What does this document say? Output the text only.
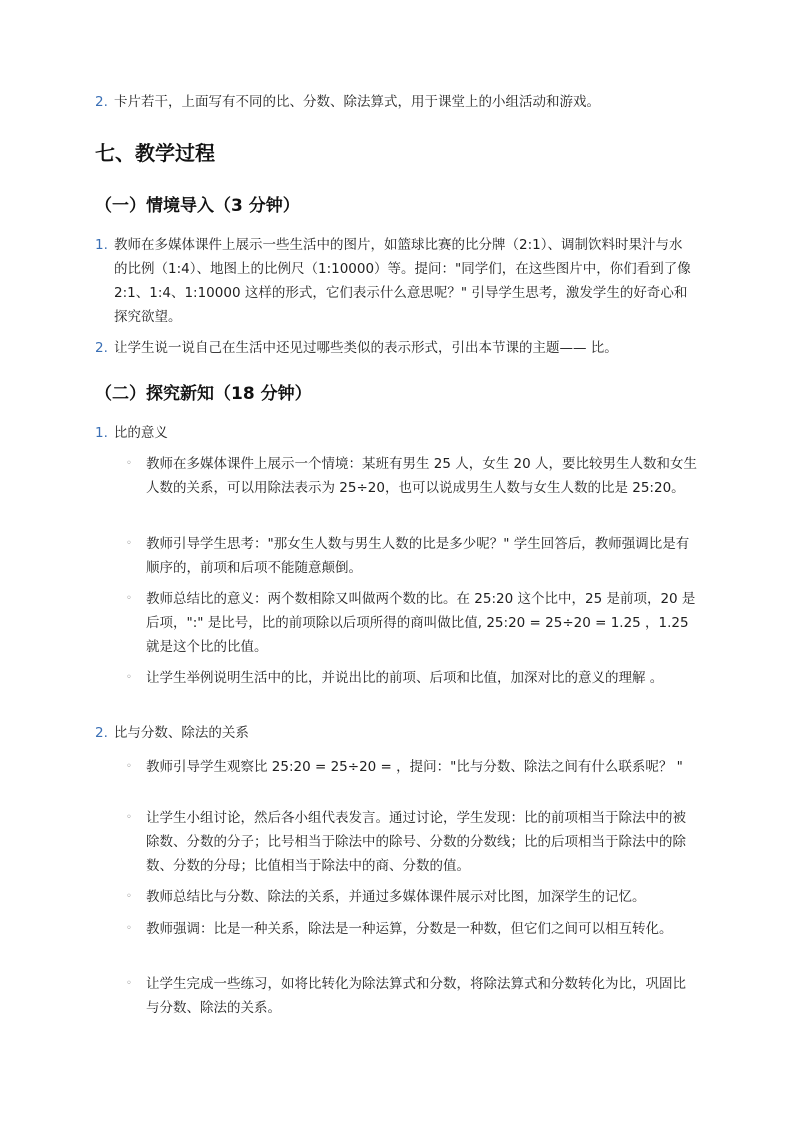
2. 卡片若干，上面写有不同的比、分数、除法算式，用于课堂上的小组活动和游戏。
七、教学过程
（一）情境导入（3 分钟）
1. 教师在多媒体课件上展示一些生活中的图片，如篮球比赛的比分牌（2:1）、调制饮料时果汁与水的比例（1:4）、地图上的比例尺（1:10000）等。提问："同学们，在这些图片中，你们看到了像 2:1、1:4、1:10000 这样的形式，它们表示什么意思呢？" 引导学生思考，激发学生的好奇心和探究欲望。
2. 让学生说一说自己在生活中还见过哪些类似的表示形式，引出本节课的主题—— 比。
（二）探究新知（18 分钟）
1. 比的意义
◦ 教师在多媒体课件上展示一个情境：某班有男生 25 人，女生 20 人，要比较男生人数和女生人数的关系，可以用除法表示为 25÷20，也可以说成男生人数与女生人数的比是 25:20。
◦ 教师引导学生思考："那女生人数与男生人数的比是多少呢？" 学生回答后，教师强调比是有顺序的，前项和后项不能随意颠倒。
◦ 教师总结比的意义：两个数相除又叫做两个数的比。在 25:20 这个比中，25 是前项，20 是后项，":" 是比号，比的前项除以后项所得的商叫做比值, 25:20 = 25÷20 = 1.25 ，1.25 就是这个比的比值。
◦ 让学生举例说明生活中的比，并说出比的前项、后项和比值，加深对比的意义的理解 。
2. 比与分数、除法的关系
◦ 教师引导学生观察比 25:20 = 25÷20 = ，提问："比与分数、除法之间有什么联系呢？ "
◦ 让学生小组讨论，然后各小组代表发言。通过讨论，学生发现：比的前项相当于除法中的被除数、分数的分子；比号相当于除法中的除号、分数的分数线；比的后项相当于除法中的除数、分数的分母；比值相当于除法中的商、分数的值。
◦ 教师总结比与分数、除法的关系，并通过多媒体课件展示对比图，加深学生的记忆。
◦ 教师强调：比是一种关系，除法是一种运算，分数是一种数，但它们之间可以相互转化。
◦ 让学生完成一些练习，如将比转化为除法算式和分数，将除法算式和分数转化为比，巩固比与分数、除法的关系。
